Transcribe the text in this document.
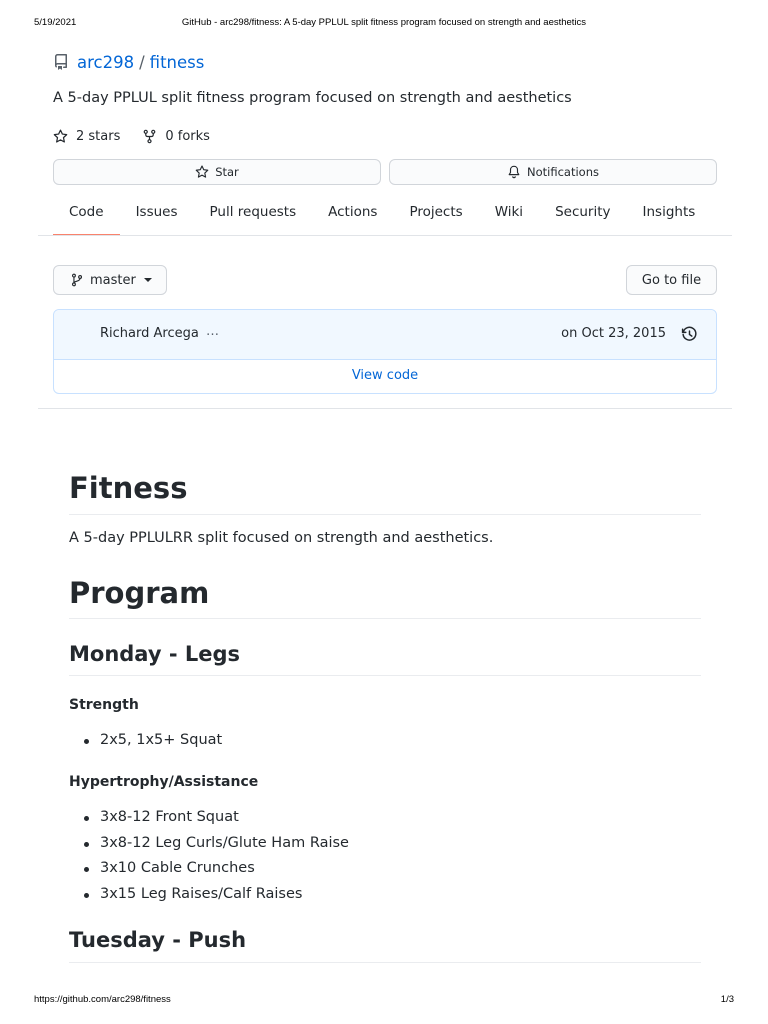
5/19/2021	GitHub - arc298/fitness: A 5-day PPLUL split fitness program focused on strength and aesthetics
arc298 / fitness
A 5-day PPLUL split fitness program focused on strength and aesthetics
2 stars	0 forks
Star	Notifications
Code	Issues	Pull requests	Actions	Projects	Wiki	Security	Insights
master	Go to file
Richard Arcega …	on Oct 23, 2015
View code
Fitness
A 5-day PPLULRR split focused on strength and aesthetics.
Program
Monday - Legs
Strength
2x5, 1x5+ Squat
Hypertrophy/Assistance
3x8-12 Front Squat
3x8-12 Leg Curls/Glute Ham Raise
3x10 Cable Crunches
3x15 Leg Raises/Calf Raises
Tuesday - Push
https://github.com/arc298/fitness	1/3
